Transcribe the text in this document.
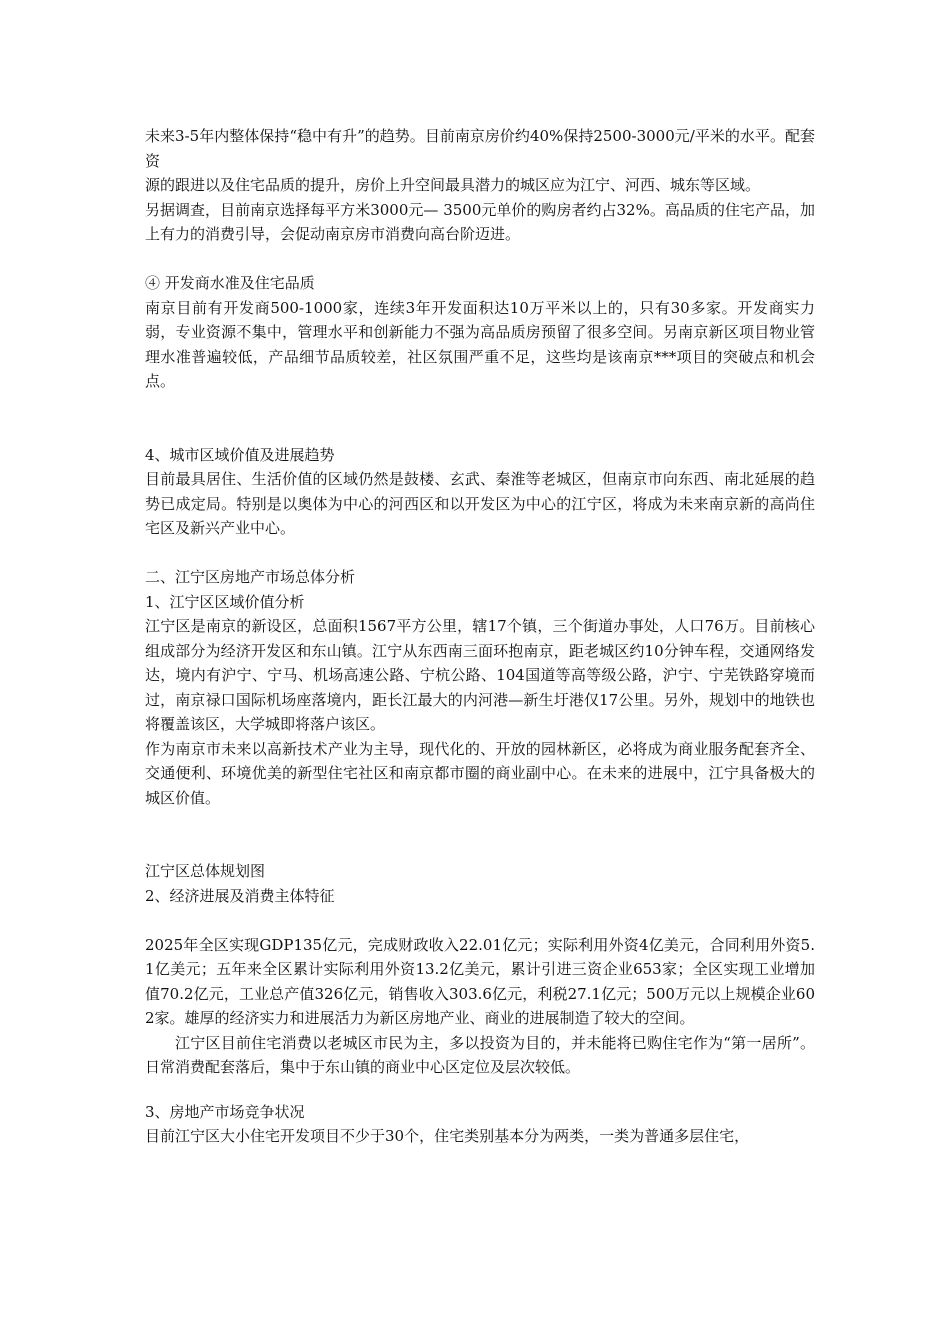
未来3-5年内整体保持“稳中有升”的趋势。目前南京房价约40%保持2500-3000元/平米的水平。配套资

源的跟进以及住宅品质的提升，房价上升空间最具潜力的城区应为江宁、河西、城东等区域。

另据调查，目前南京选择每平方米3000元— 3500元单价的购房者约占32%。高品质的住宅产品，加上有力的消费引导，会促动南京房市消费向高台阶迈进。

④ 开发商水准及住宅品质

南京目前有开发商500-1000家，连续3年开发面积达10万平米以上的，只有30多家。开发商实力弱，专业资源不集中，管理水平和创新能力不强为高品质房预留了很多空间。另南京新区项目物业管理水准普遍较低，产品细节品质较差，社区氛围严重不足，这些均是该南京***项目的突破点和机会点。

4、城市区域价值及进展趋势

目前最具居住、生活价值的区域仍然是鼓楼、玄武、秦淮等老城区，但南京市向东西、南北延展的趋势已成定局。特别是以奥体为中心的河西区和以开发区为中心的江宁区，将成为未来南京新的高尚住宅区及新兴产业中心。

二、江宁区房地产市场总体分析

1、江宁区区域价值分析

江宁区是南京的新设区，总面积1567平方公里，辖17个镇，三个街道办事处，人口76万。目前核心组成部分为经济开发区和东山镇。江宁从东西南三面环抱南京，距老城区约10分钟车程，交通网络发达，境内有沪宁、宁马、机场高速公路、宁杭公路、104国道等高等级公路，沪宁、宁芜铁路穿境而过，南京禄口国际机场座落境内，距长江最大的内河港—新生圩港仅17公里。另外，规划中的地铁也将覆盖该区，大学城即将落户该区。

作为南京市未来以高新技术产业为主导，现代化的、开放的园林新区，必将成为商业服务配套齐全、交通便利、环境优美的新型住宅社区和南京都市圈的商业副中心。在未来的进展中，江宁具备极大的城区价值。

江宁区总体规划图

2、经济进展及消费主体特征

2025年全区实现GDP135亿元，完成财政收入22.01亿元；实际利用外资4亿美元，合同利用外资5.1亿美元；五年来全区累计实际利用外资13.2亿美元，累计引进三资企业653家；全区实现工业增加值70.2亿元，工业总产值326亿元，销售收入303.6亿元，利税27.1亿元；500万元以上规模企业602家。雄厚的经济实力和进展活力为新区房地产业、商业的进展制造了较大的空间。

江宁区目前住宅消费以老城区市民为主，多以投资为目的，并未能将已购住宅作为“第一居所”。日常消费配套落后，集中于东山镇的商业中心区定位及层次较低。

3、房地产市场竞争状况

目前江宁区大小住宅开发项目不少于30个，住宅类别基本分为两类，一类为普通多层住宅，
